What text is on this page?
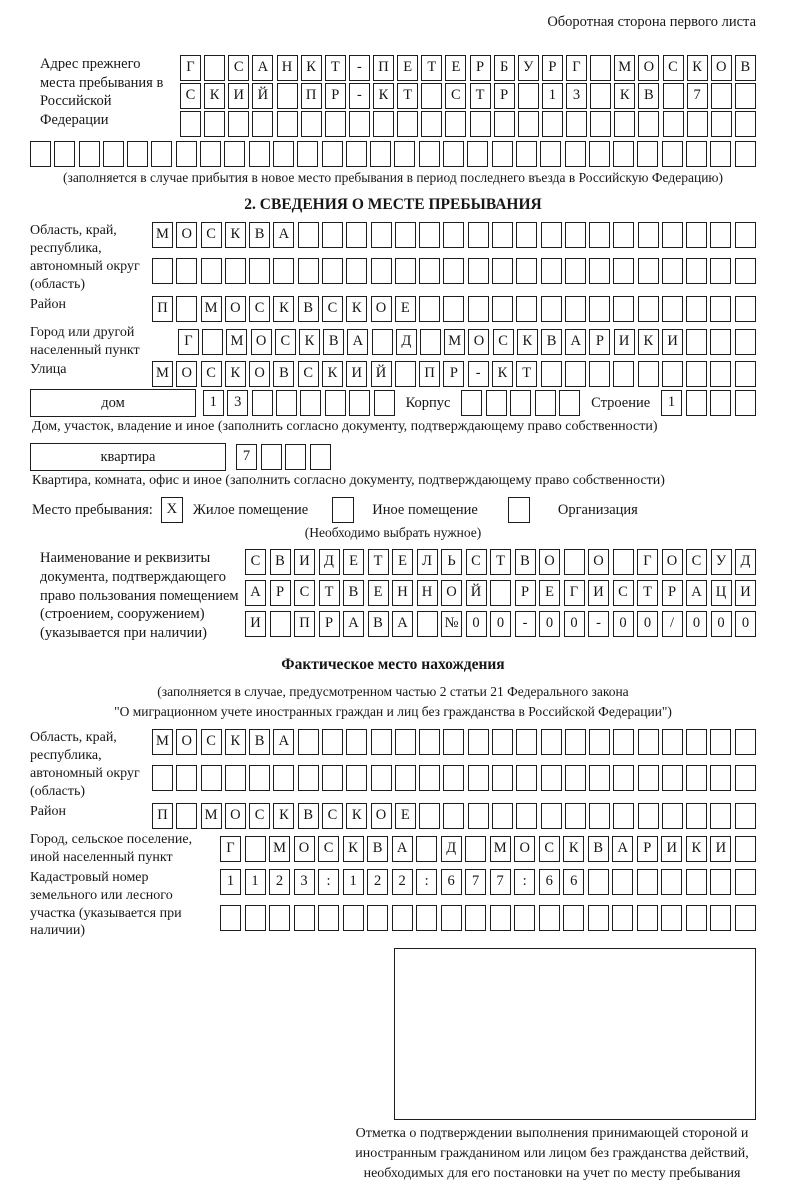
Оборотная сторона первого листа
Адрес прежнего места пребывания в Российской Федерации
Г	С А Н К	Т	-	П Е	Т	Е	Р	Б	У	Р	Г	М О С К О В
С К И Й	П	Р	-	К	Т	С	Т	Р	1	3	К В	7
(заполняется в случае прибытия в новое место пребывания в период последнего въезда в Российскую Федерацию)
2. СВЕДЕНИЯ О МЕСТЕ ПРЕБЫВАНИЯ
Область, край, республика, автономный округ (область)
М О С	К	В А
Район	П	М О С	К	В	С	К О	Е
Город или другой населенный пункт
Г	М О С	К	В А	Д	М О С	К	В А	Р	И К И
Улица	М О С	К О В	С	К И Й	П	Р	-	К	Т
дом	1	3	Корпус	Строение	1
Дом, участок, владение и иное (заполнить согласно документу, подтверждающему право собственности)
квартира	7
Квартира, комната, офис и иное (заполнить согласно документу, подтверждающему право собственности)
Место пребывания: X	Жилое помещение	Иное помещение	Организация
(Необходимо выбрать нужное)
Наименование и реквизиты документа, подтверждающего право пользования помещением (строением, сооружением) (указывается при наличии)
С	В И Д	Е	Т	Е	Л	Ь	С	Т	В О	О	Г	О С	У Д
А	Р	С	Т	В	Е	Н Н О Й	Р	Е	Г	И С	Т	Р	А Ц И
И	П	Р	А В А	№ 0	0	-	0	0	-	0	0	/	0	0	0
Фактическое место нахождения
(заполняется в случае, предусмотренном частью 2 статьи 21 Федерального закона
"О миграционном учете иностранных граждан и лиц без гражданства в Российской Федерации")
Область, край, республика, автономный округ (область)
М О С	К	В А
Район	П	М О С	К	В	С	К О	Е
Город, сельское поселение, иной населенный пункт
Г	М О С	К	В А	Д	М О С	К	В А	Р	И К И
Кадастровый номер земельного или лесного участка (указывается при наличии)
1	1	2	3	:	1	2	2	:	6	7	7	:	6	6
Отметка о подтверждении выполнения принимающей стороной и иностранным гражданином или лицом без гражданства действий, необходимых для его постановки на учет по месту пребывания
